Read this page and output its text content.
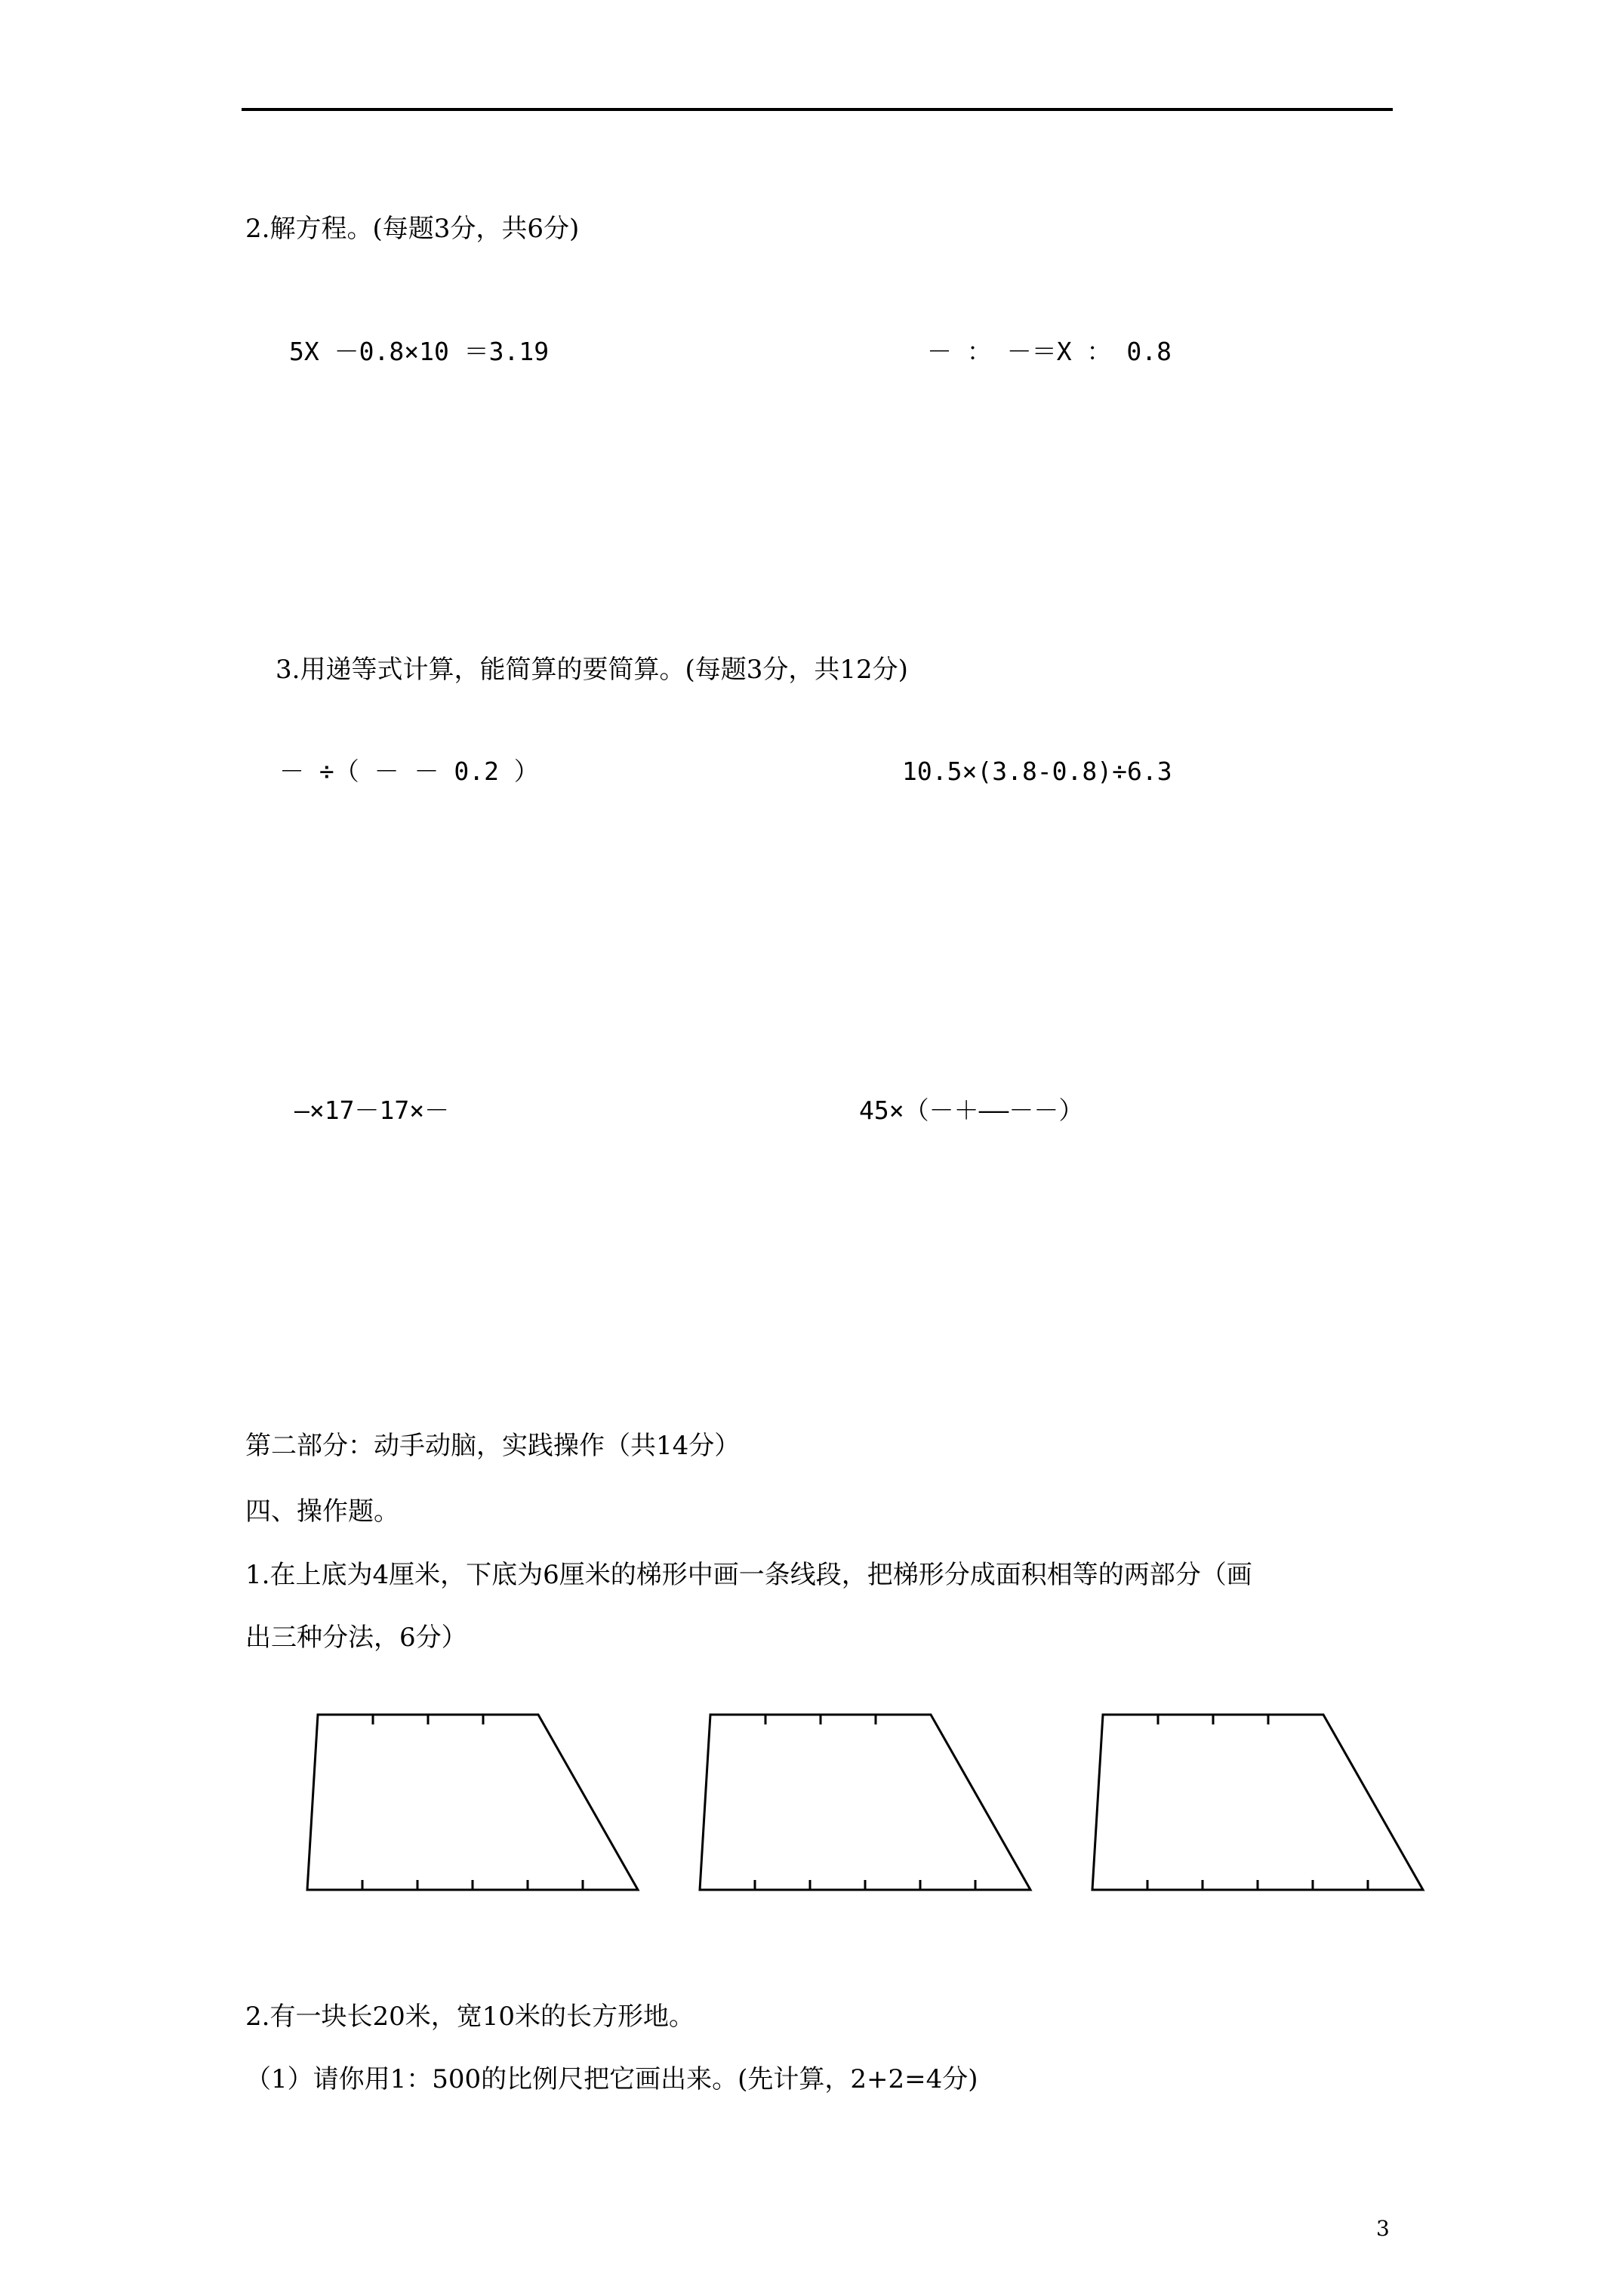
2.解方程。(每题3分，共6分)
5X －0.8×10 ＝3.19	－ ： －＝X ： 0.8
3.用递等式计算，能简算的要简算。(每题3分，共12分)
－ ÷（ － － 0.2 ）	10.5×(3.8-0.8)÷6.3
—×17－17×－	45×（－＋——－－）
第二部分：动手动脑，实践操作（共14分）
四、操作题。
1.在上底为4厘米，下底为6厘米的梯形中画一条线段，把梯形分成面积相等的两部分（画
出三种分法，6分）
2.有一块长20米，宽10米的长方形地。
（1）请你用1：500的比例尺把它画出来。(先计算，2+2=4分)
3
